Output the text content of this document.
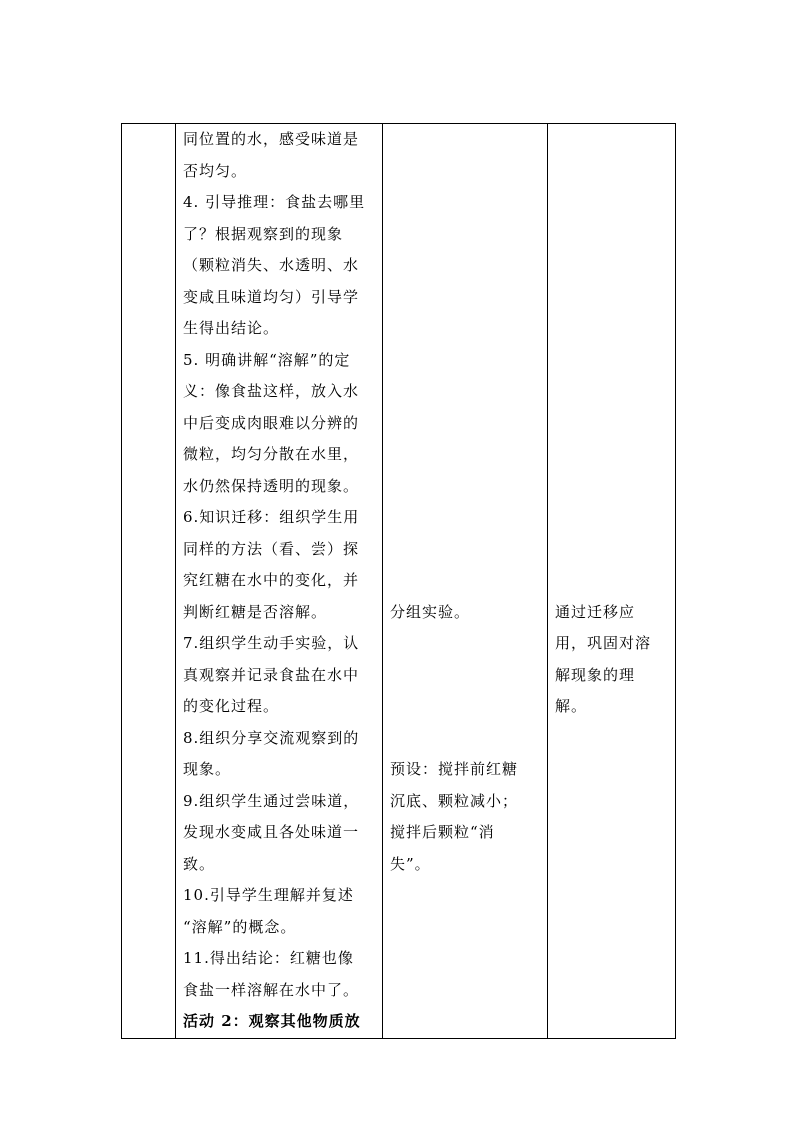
同位置的水，感受味道是
否均匀。
4. 引导推理：食盐去哪里
了？根据观察到的现象
（颗粒消失、水透明、水
变咸且味道均匀）引导学
生得出结论。
5. 明确讲解“溶解”的定
义：像食盐这样，放入水
中后变成肉眼难以分辨的
微粒，均匀分散在水里，
水仍然保持透明的现象。
6.知识迁移：组织学生用
同样的方法（看、尝）探
究红糖在水中的变化，并
判断红糖是否溶解。
7.组织学生动手实验，认
真观察并记录食盐在水中
的变化过程。
8.组织分享交流观察到的
现象。
9.组织学生通过尝味道，
发现水变咸且各处味道一
致。
10.引导学生理解并复述
“溶解”的概念。
11.得出结论：红糖也像
食盐一样溶解在水中了。
活动 2：观察其他物质放

分组实验。
预设：搅拌前红糖
沉底、颗粒减小；
搅拌后颗粒“消
失”。

通过迁移应
用，巩固对溶
解现象的理
解。
